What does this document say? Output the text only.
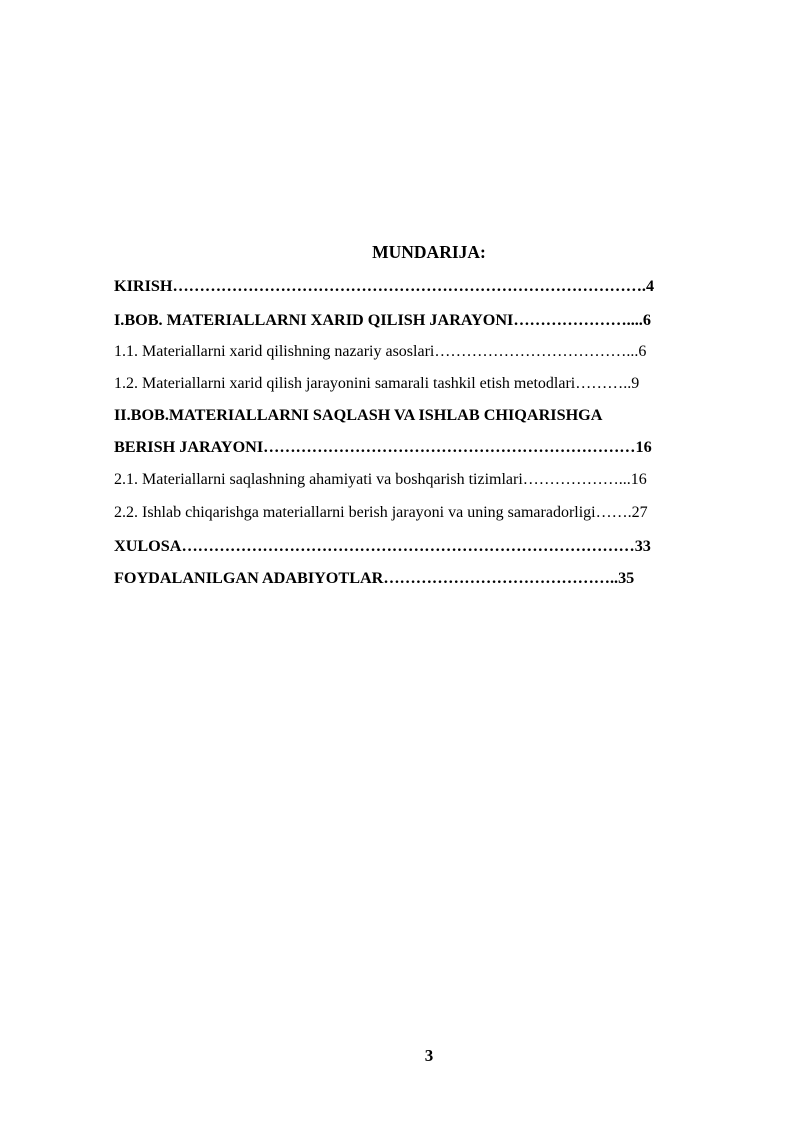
MUNDARIJA:

KIRISH…………………………………………………………………………….4

I.BOB. MATERIALLARNI XARID QILISH JARAYONI…………………....6

1.1. Materiallarni xarid qilishning nazariy asoslari………………………………...6

1.2. Materiallarni xarid qilish jarayonini samarali tashkil etish metodlari………..9

II.BOB.MATERIALLARNI SAQLASH VA ISHLAB CHIQARISHGA

BERISH JARAYONI……………………………………………………………16

2.1. Materiallarni saqlashning ahamiyati va boshqarish tizimlari………………...16

2.2. Ishlab chiqarishga materiallarni berish jarayoni va uning samaradorligi…….27

XULOSA…………………………………………………………………………33

FOYDALANILGAN ADABIYOTLAR……………………………………..35

3
